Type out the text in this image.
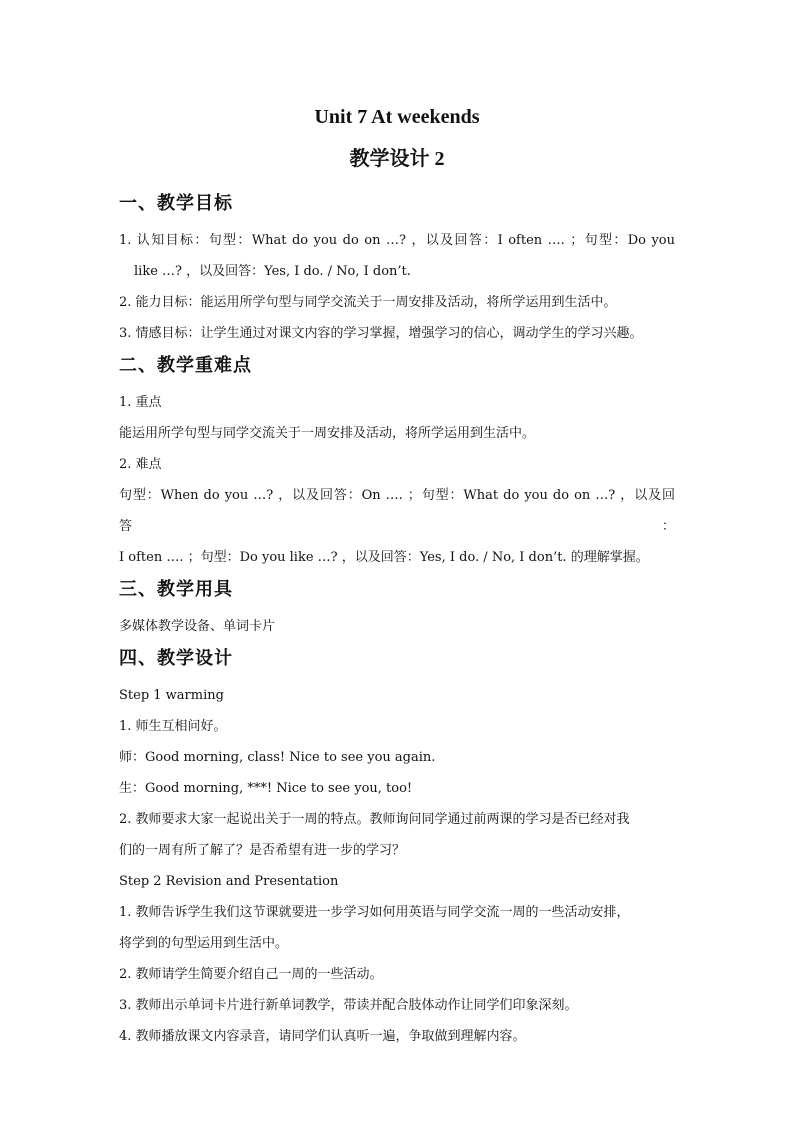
Unit 7 At weekends
教学设计 2
一、教学目标

1. 认知目标：句型：What do you do on …? ，以及回答：I often …. ；句型：Do you

like …? ，以及回答：Yes, I do. / No, I don’t.

2. 能力目标：能运用所学句型与同学交流关于一周安排及活动，将所学运用到生活中。

3. 情感目标：让学生通过对课文内容的学习掌握，增强学习的信心，调动学生的学习兴趣。

二、教学重难点

1. 重点

能运用所学句型与同学交流关于一周安排及活动，将所学运用到生活中。

2. 难点

句型：When do you …? ，以及回答：On …. ；句型：What do you do on …? ，以及回答：

I often …. ；句型：Do you like …? ，以及回答：Yes, I do. / No, I don’t. 的理解掌握。

三、教学用具

多媒体教学设备、单词卡片

四、教学设计

Step 1 warming

1. 师生互相问好。

师：Good morning, class! Nice to see you again.

生：Good morning, ***! Nice to see you, too!

2. 教师要求大家一起说出关于一周的特点。教师询问同学通过前两课的学习是否已经对我

们的一周有所了解了？是否希望有进一步的学习？

Step 2 Revision and Presentation

1. 教师告诉学生我们这节课就要进一步学习如何用英语与同学交流一周的一些活动安排，

将学到的句型运用到生活中。

2. 教师请学生简要介绍自己一周的一些活动。

3. 教师出示单词卡片进行新单词教学，带读并配合肢体动作让同学们印象深刻。

4. 教师播放课文内容录音，请同学们认真听一遍，争取做到理解内容。
